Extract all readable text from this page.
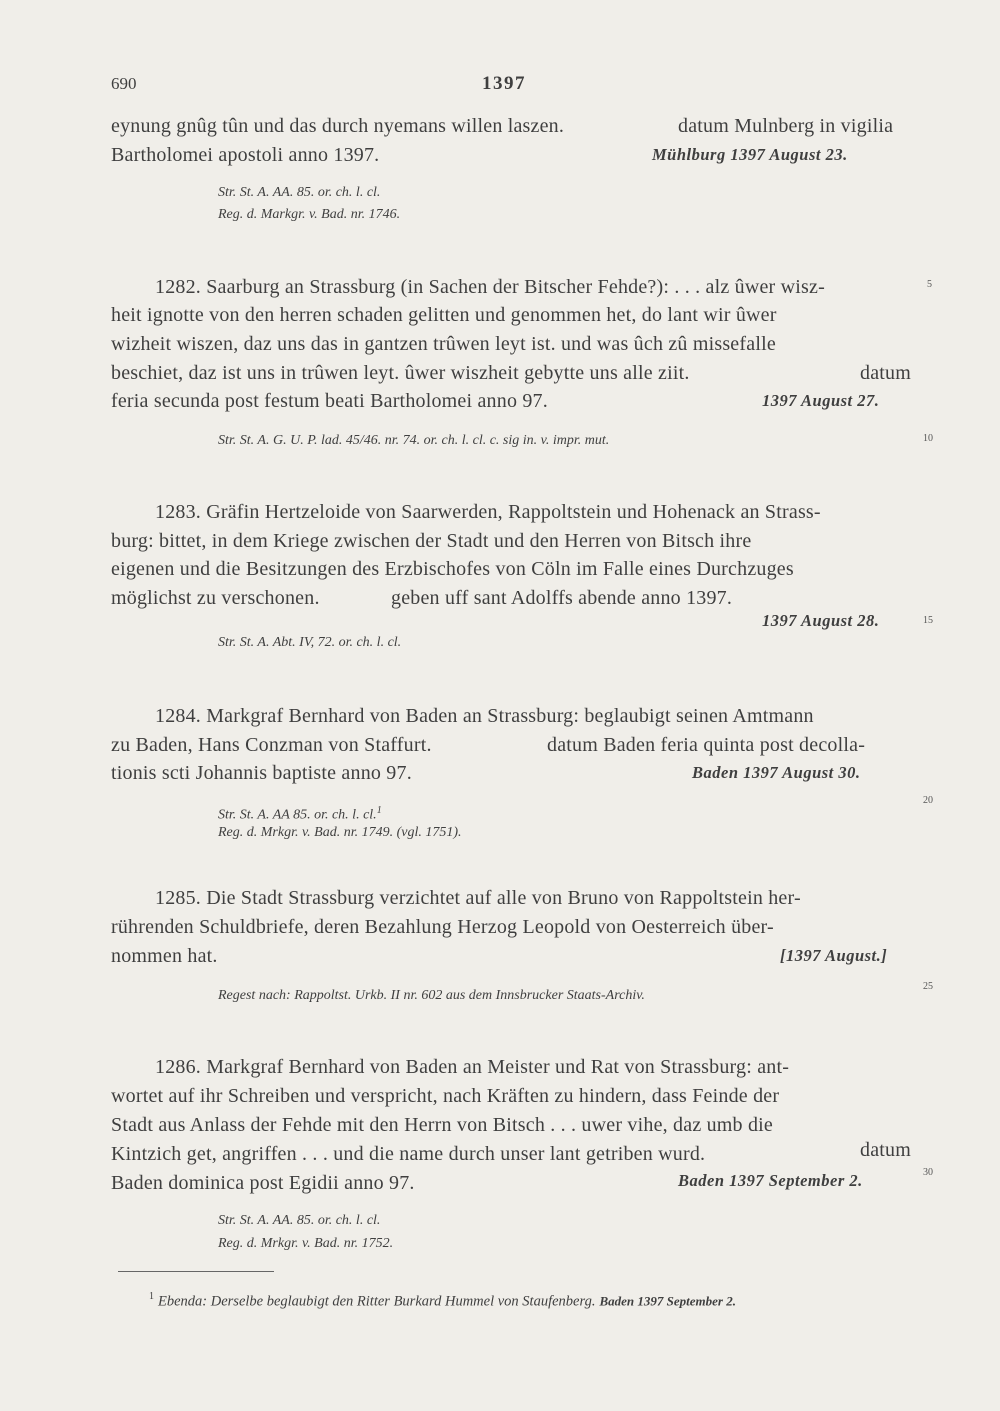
690	1397
eynung gnûg tûn und das durch nyemans willen laszen.	datum Mulnberg in vigilia
Bartholomei apostoli anno 1397.	Mühlburg 1397 August 23.
Str. St. A. AA. 85. or. ch. l. cl.
Reg. d. Markgr. v. Bad. nr. 1746.
1282. Saarburg an Strassburg (in Sachen der Bitscher Fehde?): . . . alz ûwer wisz-
heit ignotte von den herren schaden gelitten und genommen het, do lant wir ûwer
wizheit wiszen, daz uns das in gantzen trûwen leyt ist. und was ûch zû missefalle
beschiet, daz ist uns in trûwen leyt. ûwer wiszheit gebytte uns alle ziit.	datum
feria secunda post festum beati Bartholomei anno 97.	1397 August 27.
Str. St. A. G. U. P. lad. 45/46. nr. 74. or. ch. l. cl. c. sig in. v. impr. mut.
1283. Gräfin Hertzeloide von Saarwerden, Rappoltstein und Hohenack an Strass-
burg: bittet, in dem Kriege zwischen der Stadt und den Herren von Bitsch ihre
eigenen und die Besitzungen des Erzbischofes von Cöln im Falle eines Durchzuges
möglichst zu verschonen.	geben uff sant Adolffs abende anno 1397.
1397 August 28.
Str. St. A. Abt. IV, 72. or. ch. l. cl.
1284. Markgraf Bernhard von Baden an Strassburg: beglaubigt seinen Amtmann
zu Baden, Hans Conzman von Staffurt.	datum Baden feria quinta post decolla-
tionis scti Johannis baptiste anno 97.	Baden 1397 August 30.
Str. St. A. AA 85. or. ch. l. cl.$^1$
Reg. d. Mrkgr. v. Bad. nr. 1749. (vgl. 1751).
1285. Die Stadt Strassburg verzichtet auf alle von Bruno von Rappoltstein her-
rührenden Schuldbriefe, deren Bezahlung Herzog Leopold von Oesterreich über-
nommen hat.	[1397 August.]
Regest nach: Rappoltst. Urkb. II nr. 602 aus dem Innsbrucker Staats-Archiv.
1286. Markgraf Bernhard von Baden an Meister und Rat von Strassburg: ant-
wortet auf ihr Schreiben und verspricht, nach Kräften zu hindern, dass Feinde der
Stadt aus Anlass der Fehde mit den Herrn von Bitsch . . . uwer vihe, daz umb die
Kintzich get, angriffen . . . und die name durch unser lant getriben wurd.	datum
Baden dominica post Egidii anno 97.	Baden 1397 September 2.
Str. St. A. AA. 85. or. ch. l. cl.
Reg. d. Mrkgr. v. Bad. nr. 1752.
$^1$ Ebenda: Derselbe beglaubigt den Ritter Burkard Hummel von Staufenberg. Baden 1397 September 2.
5
10
15
20
25
30
